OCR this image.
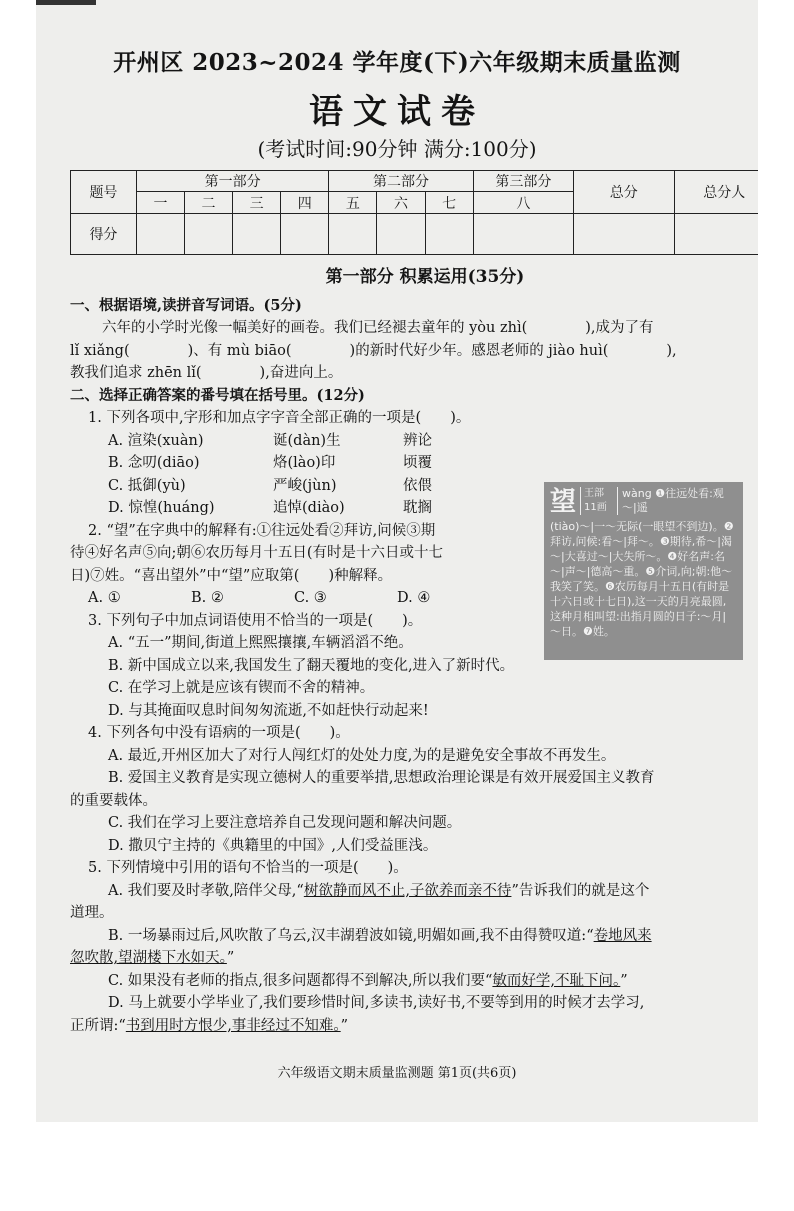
开州区 2023~2024 学年度(下)六年级期末质量监测
语文试卷
(考试时间:90分钟 满分:100分)
题号	第一部分				第二部分			第三部分	总分	总分人
	一	二	三	四	五	六	七	八		
得分										

第一部分 积累运用(35分)

一、根据语境,读拼音写词语。(5分)

六年的小学时光像一幅美好的画卷。我们已经褪去童年的 yòu zhì(　　　　),成为了有

lǐ xiǎng(　　　　)、有 mù biāo(　　　　)的新时代好少年。感恩老师的 jiào huì(　　　　),

教我们追求 zhēn lǐ(　　　　),奋进向上。

二、选择正确答案的番号填在括号里。(12分)

1. 下列各项中,字形和加点字字音全部正确的一项是(　　)。

A. 渲染(xuàn)	诞(dàn)生	辨论

B. 念叨(diāo)	烙(lào)印	顷覆

C. 抵御(yù)	严峻(jùn)	依偎

D. 惊惶(huáng)	追悼(diào)	耽搁

2. “望”在字典中的解释有:①往远处看②拜访,问候③期

待④好名声⑤向;朝⑥农历每月十五日(有时是十六日或十七

日)⑦姓。“喜出望外”中“望”应取第(　　)种解释。

A. ①	B. ②	C. ③	D. ④

3. 下列句子中加点词语使用不恰当的一项是(　　)。

A. “五一”期间,街道上熙熙攘攘,车辆滔滔不绝。

B. 新中国成立以来,我国发生了翻天覆地的变化,进入了新时代。

C. 在学习上就是应该有锲而不舍的精神。

D. 与其掩面叹息时间匆匆流逝,不如赶快行动起来!

4. 下列各句中没有语病的一项是(　　)。

A. 最近,开州区加大了对行人闯红灯的处处力度,为的是避免安全事故不再发生。

B. 爱国主义教育是实现立德树人的重要举措,思想政治理论课是有效开展爱国主义教育

的重要载体。

C. 我们在学习上要注意培养自己发现问题和解决问题。

D. 撒贝宁主持的《典籍里的中国》,人们受益匪浅。

5. 下列情境中引用的语句不恰当的一项是(　　)。

A. 我们要及时孝敬,陪伴父母,“树欲静而风不止,子欲养而亲不待”告诉我们的就是这个

道理。

B. 一场暴雨过后,风吹散了乌云,汉丰湖碧波如镜,明媚如画,我不由得赞叹道:“卷地风来

忽吹散,望湖楼下水如天。”

C. 如果没有老师的指点,很多问题都得不到解决,所以我们要“敏而好学,不耻下问。”

D. 马上就要小学毕业了,我们要珍惜时间,多读书,读好书,不要等到用的时候才去学习,

正所谓:“书到用时方恨少,事非经过不知难。”

望 王部
11画
wàng ❶往远处看:观～|遥
(tiào)～|一～无际(一眼望不到边)。❷拜访,问候:看～|拜～。❸期待,希～|渴～|大喜过～|大失所～。❹好名声:名～|声～|德高～重。❺介词,向;朝:他～我笑了笑。❻农历每月十五日(有时是十六日或十七日),这一天的月亮最圆,这种月相叫望:出指月圆的日子:～月|～日。❼姓。
六年级语文期末质量监测题 第1页(共6页)
